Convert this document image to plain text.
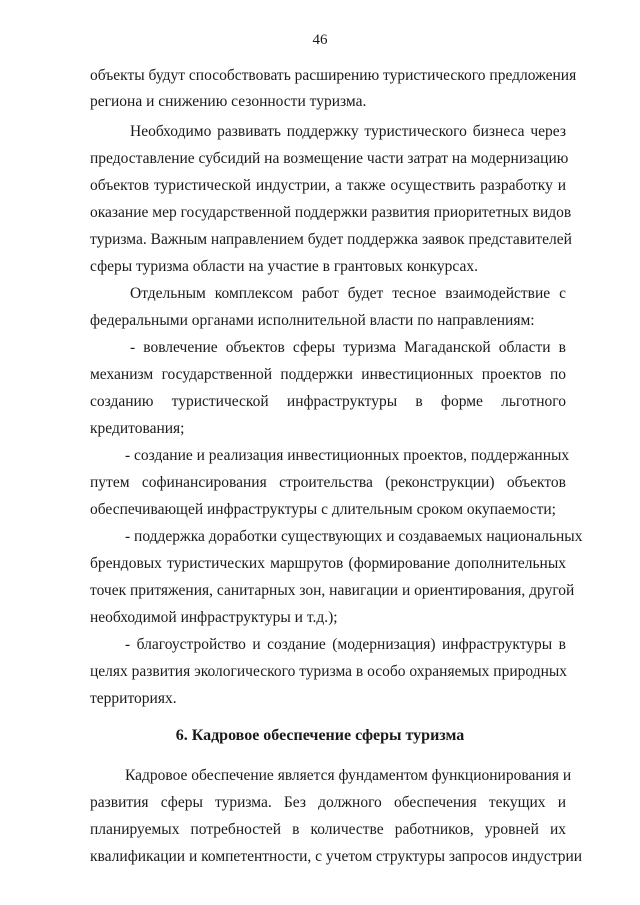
46
объекты будут способствовать расширению туристического предложения
региона и снижению сезонности туризма.
Необходимо развивать поддержку туристического бизнеса через
предоставление субсидий на возмещение части затрат на модернизацию
объектов туристической индустрии, а также осуществить разработку и
оказание мер государственной поддержки развития приоритетных видов
туризма. Важным направлением будет поддержка заявок представителей
сферы туризма области на участие в грантовых конкурсах.
Отдельным комплексом работ будет тесное взаимодействие с
федеральными органами исполнительной власти по направлениям:
- вовлечение объектов сферы туризма Магаданской области в
механизм государственной поддержки инвестиционных проектов по
созданию туристической инфраструктуры в форме льготного
кредитования;
- создание и реализация инвестиционных проектов, поддержанных
путем софинансирования строительства (реконструкции) объектов
обеспечивающей инфраструктуры с длительным сроком окупаемости;
- поддержка доработки существующих и создаваемых национальных
брендовых туристических маршрутов (формирование дополнительных
точек притяжения, санитарных зон, навигации и ориентирования, другой
необходимой инфраструктуры и т.д.);
- благоустройство и создание (модернизация) инфраструктуры в
целях развития экологического туризма в особо охраняемых природных
территориях.
6. Кадровое обеспечение сферы туризма
Кадровое обеспечение является фундаментом функционирования и
развития сферы туризма. Без должного обеспечения текущих и
планируемых потребностей в количестве работников, уровней их
квалификации и компетентности, с учетом структуры запросов индустрии
